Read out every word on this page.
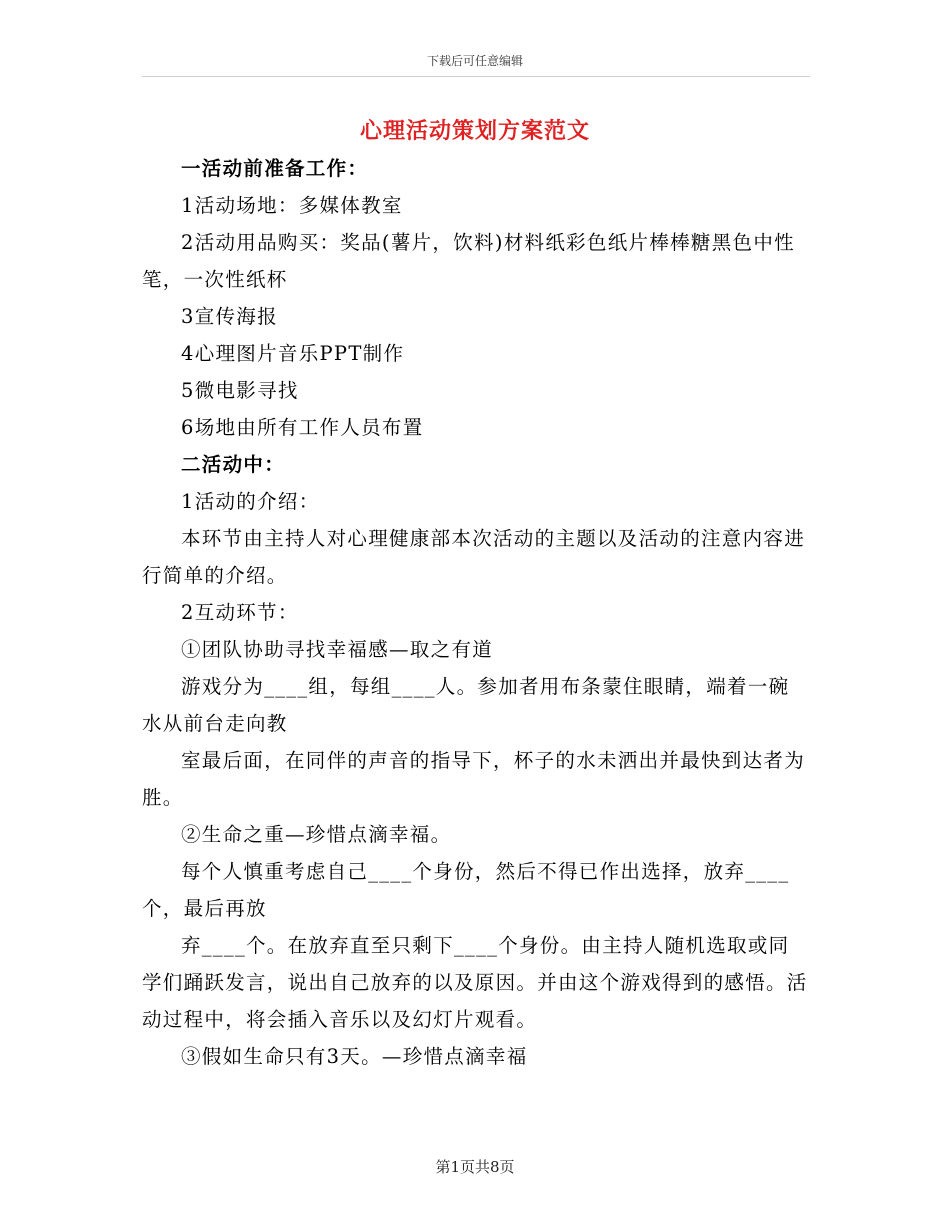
下载后可任意编辑
心理活动策划方案范文

一活动前准备工作：

1活动场地：多媒体教室

2活动用品购买：奖品(薯片，饮料)材料纸彩色纸片棒棒糖黑色中性笔，一次性纸杯

3宣传海报

4心理图片音乐PPT制作

5微电影寻找

6场地由所有工作人员布置

二活动中：

1活动的介绍：

本环节由主持人对心理健康部本次活动的主题以及活动的注意内容进行简单的介绍。

2互动环节：

①团队协助寻找幸福感—取之有道

游戏分为____组，每组____人。参加者用布条蒙住眼睛，端着一碗水从前台走向教

室最后面，在同伴的声音的指导下，杯子的水未洒出并最快到达者为胜。

②生命之重—珍惜点滴幸福。

每个人慎重考虑自己____个身份，然后不得已作出选择，放弃____个，最后再放

弃____个。在放弃直至只剩下____个身份。由主持人随机选取或同学们踊跃发言，说出自己放弃的以及原因。并由这个游戏得到的感悟。活动过程中，将会插入音乐以及幻灯片观看。

③假如生命只有3天。—珍惜点滴幸福

第1页共8页
